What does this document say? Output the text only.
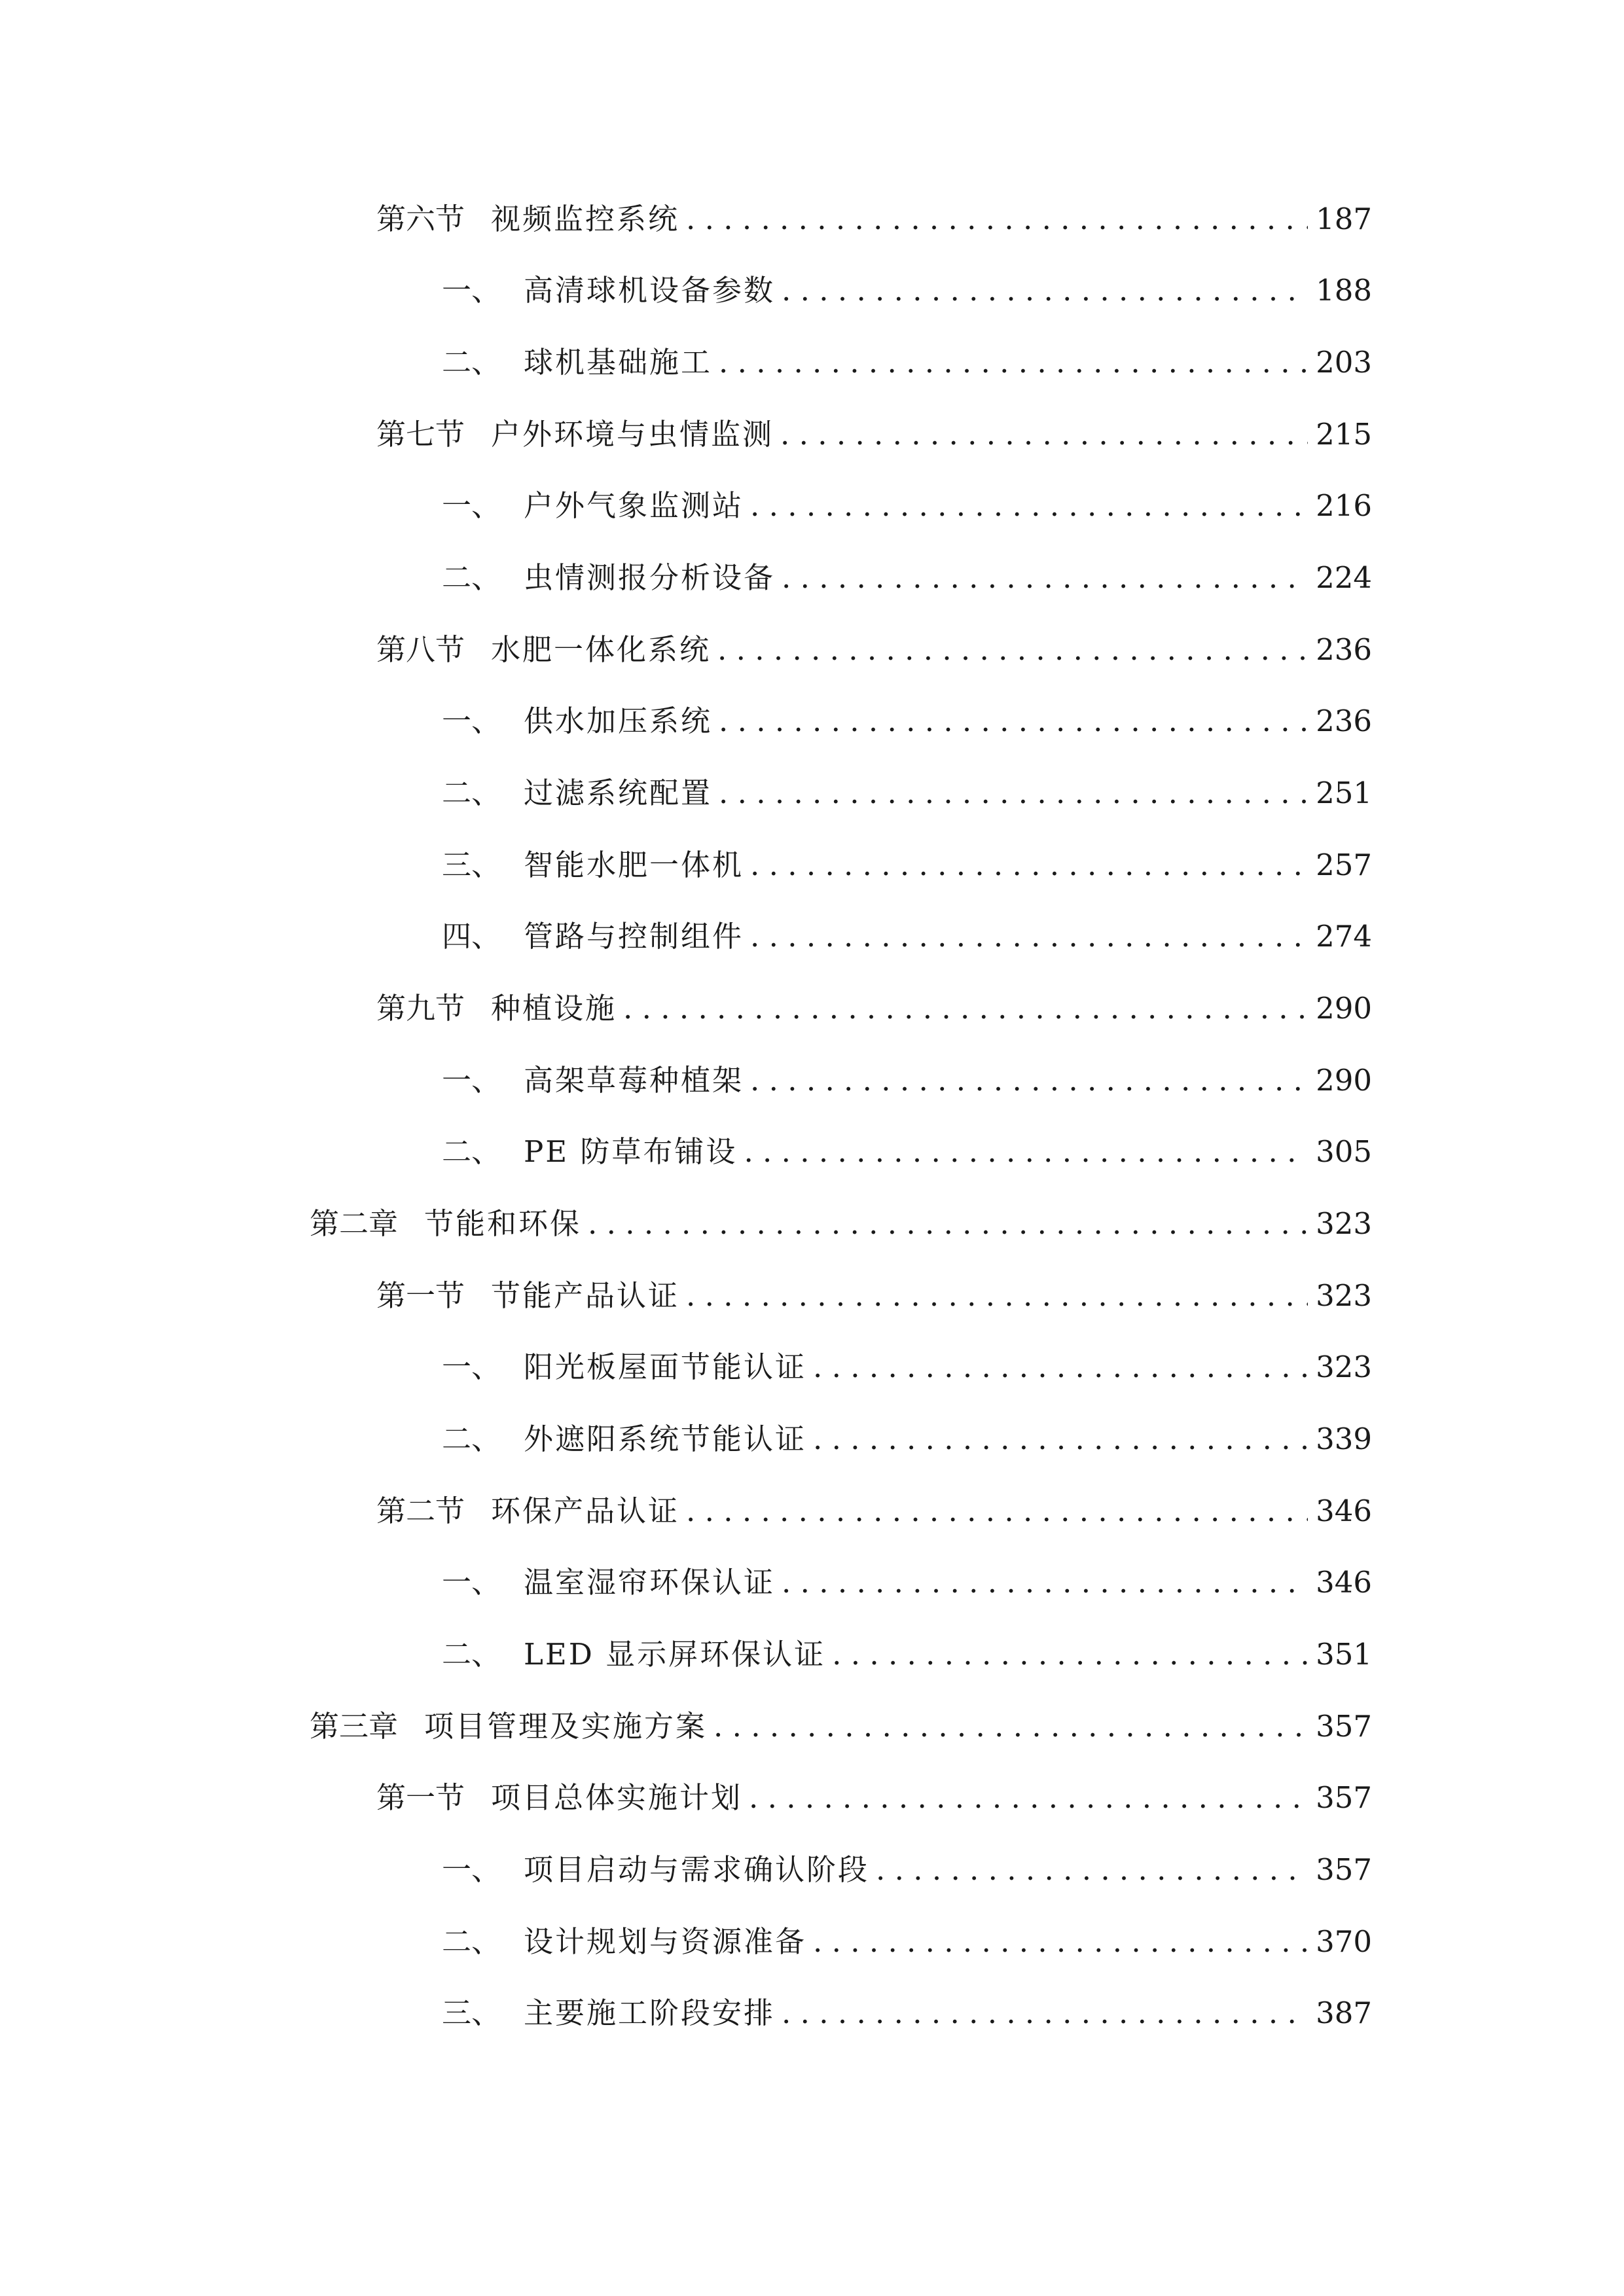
第六节 视频监控系统 . . .	187
一、 高清球机设备参数 . . .	188
二、 球机基础施工 . . .	203
第七节 户外环境与虫情监测 . . .	215
一、 户外气象监测站 . . .	216
二、 虫情测报分析设备 . . .	224
第八节 水肥一体化系统 . . .	236
一、 供水加压系统 . . .	236
二、 过滤系统配置 . . .	251
三、 智能水肥一体机 . . .	257
四、 管路与控制组件 . . .	274
第九节 种植设施 . . .	290
一、 高架草莓种植架 . . .	290
二、 PE 防草布铺设 . . .	305
第二章 节能和环保 . . .	323
第一节 节能产品认证 . . .	323
一、 阳光板屋面节能认证 . . .	323
二、 外遮阳系统节能认证 . . .	339
第二节 环保产品认证 . . .	346
一、 温室湿帘环保认证 . . .	346
二、 LED 显示屏环保认证 . . .	351
第三章 项目管理及实施方案 . . .	357
第一节 项目总体实施计划 . . .	357
一、 项目启动与需求确认阶段 . . .	357
二、 设计规划与资源准备 . . .	370
三、 主要施工阶段安排 . . .	387
